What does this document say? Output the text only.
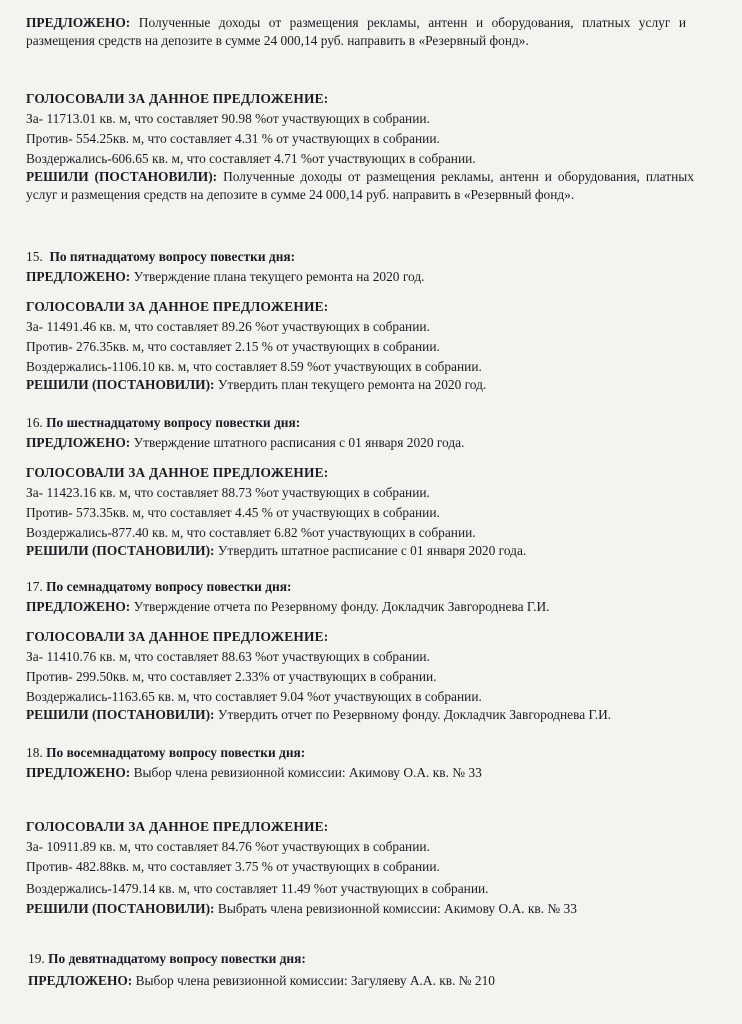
ПРЕДЛОЖЕНО: Полученные доходы от размещения рекламы, антенн и оборудования, платных услуг и размещения средств на депозите в сумме 24 000,14 руб. направить в «Резервный фонд».
ГОЛОСОВАЛИ ЗА ДАННОЕ ПРЕДЛОЖЕНИЕ:
За- 11713.01 кв. м, что составляет 90.98 %от участвующих в собрании.
Против- 554.25кв. м, что составляет 4.31 % от участвующих в собрании.
Воздержались-606.65 кв. м, что составляет 4.71 %от участвующих в собрании.
РЕШИЛИ (ПОСТАНОВИЛИ): Полученные доходы от размещения рекламы, антенн и оборудования, платных услуг и размещения средств на депозите в сумме 24 000,14 руб. направить в «Резервный фонд».
15. По пятнадцатому вопросу повестки дня:
ПРЕДЛОЖЕНО: Утверждение плана текущего ремонта на 2020 год.
ГОЛОСОВАЛИ ЗА ДАННОЕ ПРЕДЛОЖЕНИЕ:
За- 11491.46 кв. м, что составляет 89.26 %от участвующих в собрании.
Против- 276.35кв. м, что составляет 2.15 % от участвующих в собрании.
Воздержались-1106.10 кв. м, что составляет 8.59 %от участвующих в собрании.
РЕШИЛИ (ПОСТАНОВИЛИ): Утвердить план текущего ремонта на 2020 год.
16. По шестнадцатому вопросу повестки дня:
ПРЕДЛОЖЕНО: Утверждение штатного расписания с 01 января 2020 года.
ГОЛОСОВАЛИ ЗА ДАННОЕ ПРЕДЛОЖЕНИЕ:
За- 11423.16 кв. м, что составляет 88.73 %от участвующих в собрании.
Против- 573.35кв. м, что составляет 4.45 % от участвующих в собрании.
Воздержались-877.40 кв. м, что составляет 6.82 %от участвующих в собрании.
РЕШИЛИ (ПОСТАНОВИЛИ): Утвердить штатное расписание с 01 января 2020 года.
17. По семнадцатому вопросу повестки дня:
ПРЕДЛОЖЕНО: Утверждение отчета по Резервному фонду. Докладчик Завгороднева Г.И.
ГОЛОСОВАЛИ ЗА ДАННОЕ ПРЕДЛОЖЕНИЕ:
За- 11410.76 кв. м, что составляет 88.63 %от участвующих в собрании.
Против- 299.50кв. м, что составляет 2.33% от участвующих в собрании.
Воздержались-1163.65 кв. м, что составляет 9.04 %от участвующих в собрании.
РЕШИЛИ (ПОСТАНОВИЛИ): Утвердить отчет по Резервному фонду. Докладчик Завгороднева Г.И.
18. По восемнадцатому вопросу повестки дня:
ПРЕДЛОЖЕНО: Выбор члена ревизионной комиссии: Акимову О.А. кв. № 33
ГОЛОСОВАЛИ ЗА ДАННОЕ ПРЕДЛОЖЕНИЕ:
За- 10911.89 кв. м, что составляет 84.76 %от участвующих в собрании.
Против- 482.88кв. м, что составляет 3.75 % от участвующих в собрании.
Воздержались-1479.14 кв. м, что составляет 11.49 %от участвующих в собрании.
РЕШИЛИ (ПОСТАНОВИЛИ): Выбрать члена ревизионной комиссии: Акимову О.А. кв. № 33
19. По девятнадцатому вопросу повестки дня:
ПРЕДЛОЖЕНО: Выбор члена ревизионной комиссии: Загуляеву А.А. кв. № 210
